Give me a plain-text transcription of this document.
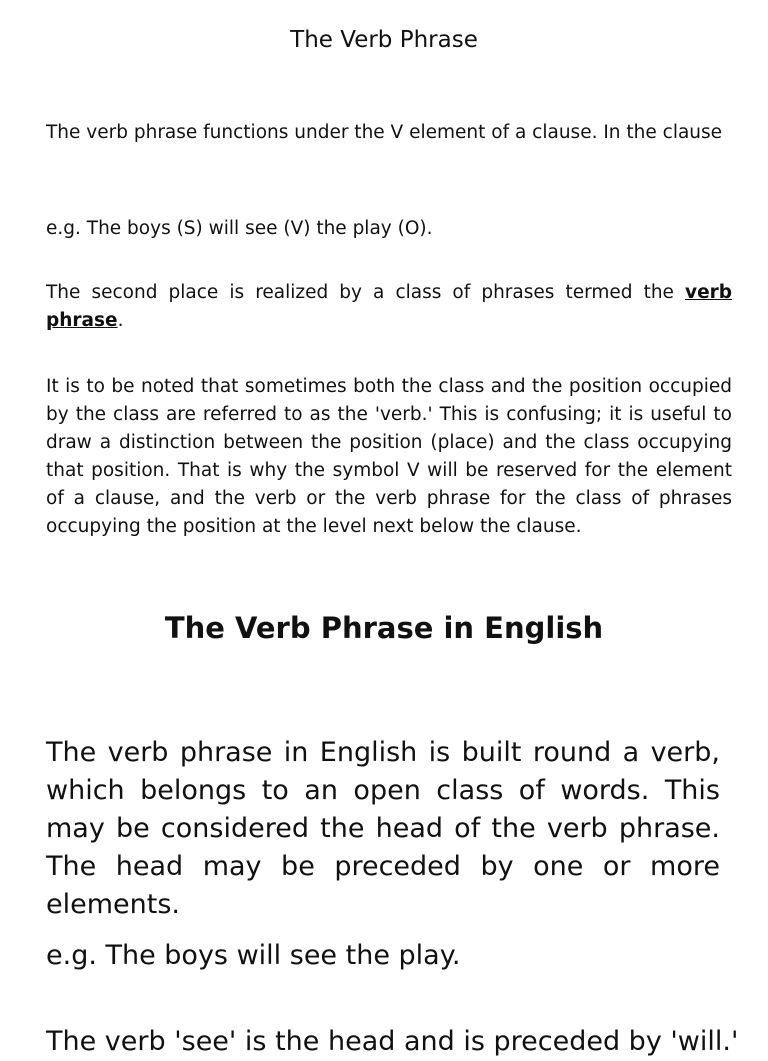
The Verb Phrase

The verb phrase functions under the V element of a clause. In the clause

e.g. The boys (S) will see (V) the play (O).

The second place is realized by a class of phrases termed the verb phrase.

It is to be noted that sometimes both the class and the position occupied by the class are referred to as the 'verb.' This is confusing; it is useful to draw a distinction between the position (place) and the class occupying that position. That is why the symbol V will be reserved for the element of a clause, and the verb or the verb phrase for the class of phrases occupying the position at the level next below the clause.

The Verb Phrase in English

The verb phrase in English is built round a verb, which belongs to an open class of words. This may be considered the head of the verb phrase. The head may be preceded by one or more elements.

e.g. The boys will see the play.

The verb 'see' is the head and is preceded by 'will.'
